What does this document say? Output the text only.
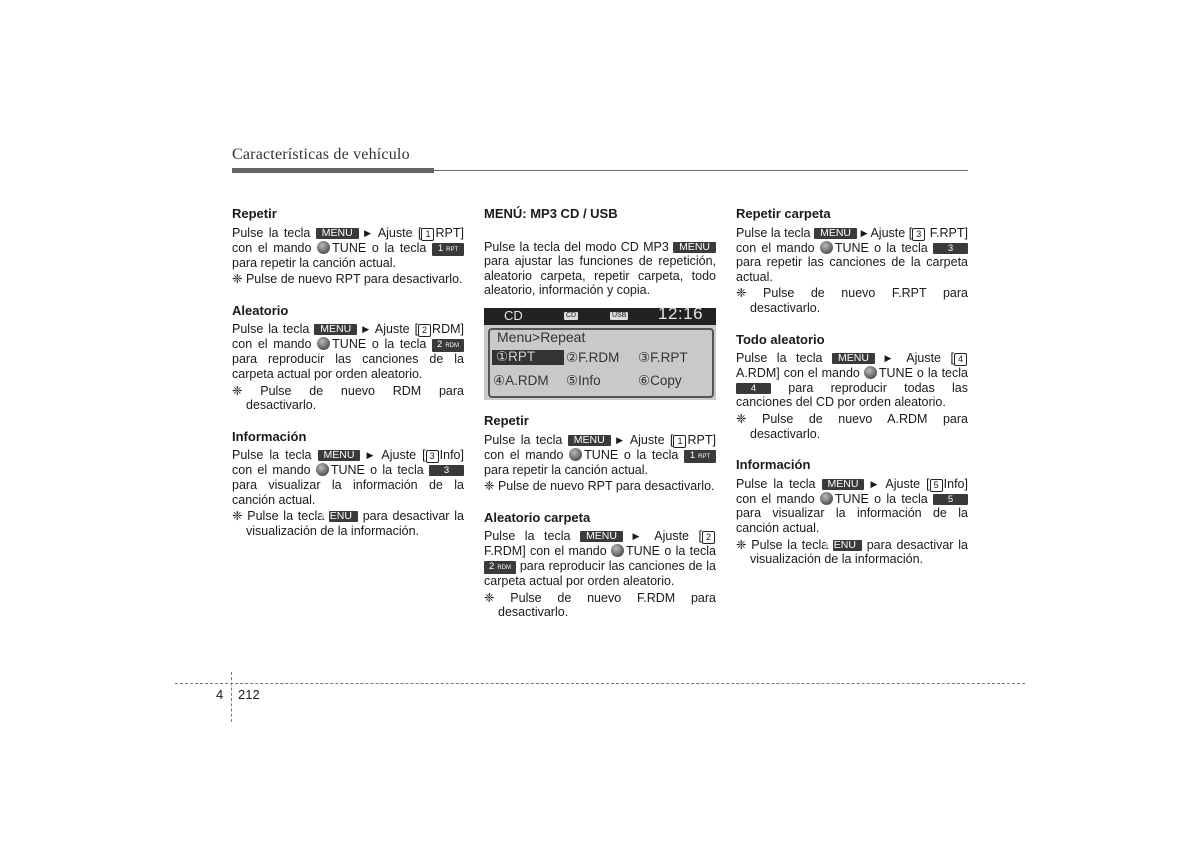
Características de vehículo
Repetir

Pulse la tecla MENU ▶ Ajuste [ 1 RPT] con el mando TUNE o la tecla 1 RPT para repetir la canción actual.

❈ Pulse de nuevo RPT para desactivarlo.

Aleatorio

Pulse la tecla MENU ▶ Ajuste [ 2 RDM] con el mando TUNE o la tecla 2 RDM para reproducir las canciones de la carpeta actual por orden aleatorio.

❈ Pulse de nuevo RDM para desactivarlo.

Información

Pulse la tecla MENU ▶ Ajuste [ 3 Info] con el mando TUNE o la tecla 3 para visualizar la información de la canción actual.

❈ Pulse la tecla MENU para desactivar la visualización de la información.

MENÚ: MP3 CD / USB

Pulse la tecla del modo CD MP3 MENU para ajustar las funciones de repetición, aleatorio carpeta, repetir carpeta, todo aleatorio, información y copia.

CD	CD	USB 12:16
Menu>Repeat
①RPT	②F.RDM ③F.RPT
④A.RDM ⑤Info	⑥Copy
Repetir

Pulse la tecla MENU ▶ Ajuste [ 1 RPT] con el mando TUNE o la tecla 1 RPT para repetir la canción actual.

❈ Pulse de nuevo RPT para desactivarlo.

Aleatorio carpeta

Pulse la tecla MENU ▶ Ajuste [ 2 F.RDM] con el mando TUNE o la tecla 2 RDM para reproducir las canciones de la carpeta actual por orden aleatorio.

❈ Pulse de nuevo F.RDM para desactivarlo.

Repetir carpeta

Pulse la tecla MENU ▶ Ajuste [ 3 F.RPT] con el mando TUNE o la tecla 3 para repetir las canciones de la carpeta actual.

❈ Pulse de nuevo F.RPT para desactivarlo.

Todo aleatorio

Pulse la tecla MENU ▶ Ajuste [ 4 A.RDM] con el mando TUNE o la tecla 4	para reproducir todas las canciones del CD por orden aleatorio.

❈ Pulse de nuevo A.RDM para desactivarlo.

Información

Pulse la tecla MENU ▶ Ajuste [ 5 Info] con el mando TUNE o la tecla 5 para visualizar la información de la canción actual.

❈ Pulse la tecla MENU para desactivar la visualización de la información.

4 212
